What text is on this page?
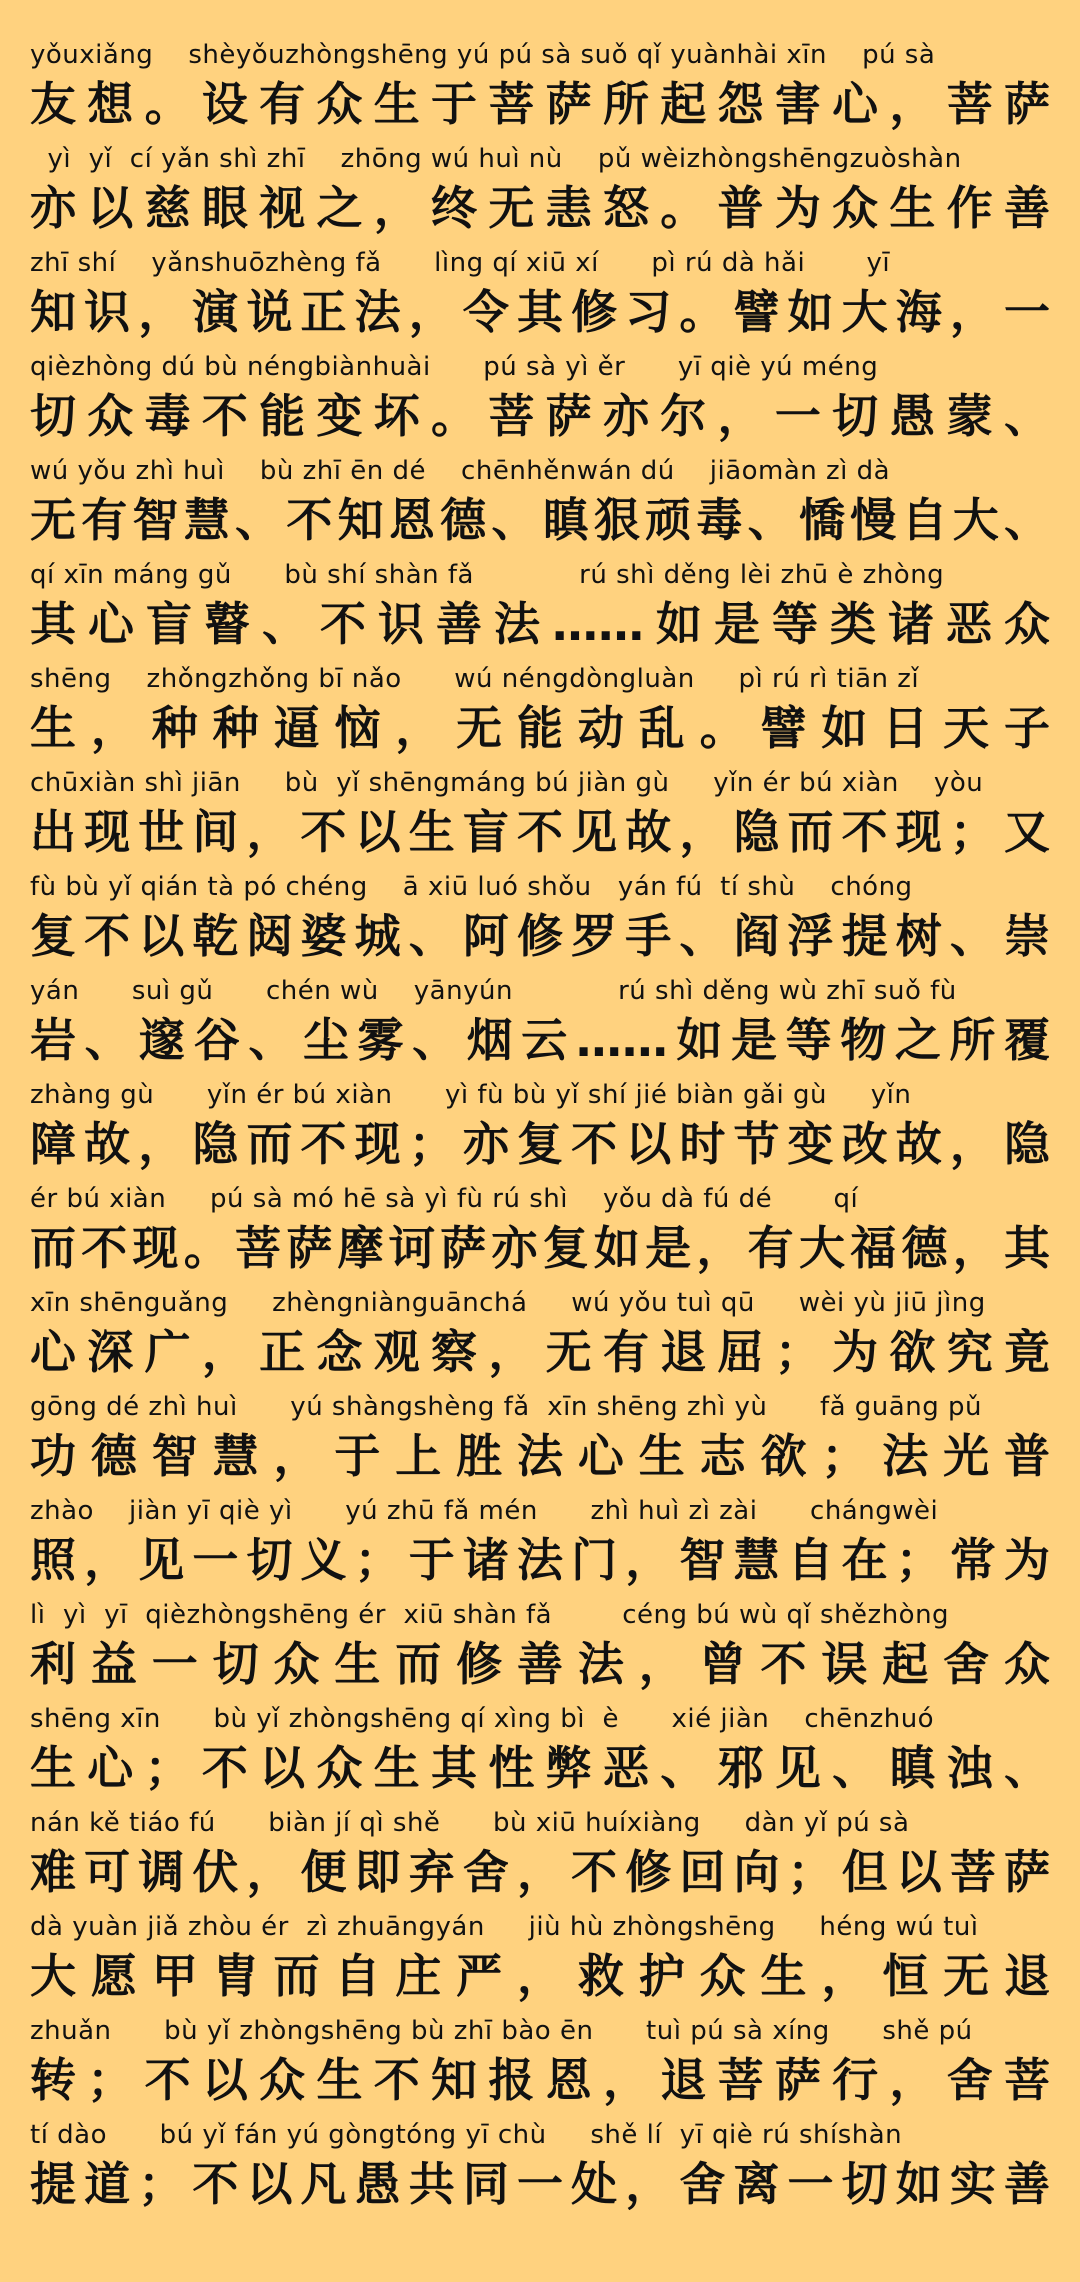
yǒuxiǎng    shèyǒuzhòngshēng yú pú sà suǒ qǐ yuànhài xīn    pú sà
友想。设有众生于菩萨所起怨害心，菩萨
yì  yǐ  cí yǎn shì zhī    zhōng wú huì nù    pǔ wèizhòngshēngzuòshàn
亦以慈眼视之，终无恚怒。普为众生作善
zhī shí    yǎnshuōzhèng fǎ      lìng qí xiū xí      pì rú dà hǎi       yī
知识，演说正法，令其修习。譬如大海，一
qièzhòng dú bù néngbiànhuài      pú sà yì ěr      yī qiè yú méng
切众毒不能变坏。菩萨亦尔，一切愚蒙、
wú yǒu zhì huì    bù zhī ēn dé    chēnhěnwán dú    jiāomàn zì dà
无有智慧、不知恩德、瞋狠顽毒、憍慢自大、
qí xīn máng gǔ      bù shí shàn fǎ            rú shì děng lèi zhū è zhòng
其心盲瞽、不识善法……如是等类诸恶众
shēng    zhǒngzhǒng bī nǎo      wú néngdòngluàn     pì rú rì tiān zǐ
生，种种逼恼，无能动乱。譬如日天子
chūxiàn shì jiān     bù  yǐ shēngmáng bú jiàn gù     yǐn ér bú xiàn    yòu
出现世间，不以生盲不见故，隐而不现；又
fù bù yǐ qián tà pó chéng    ā xiū luó shǒu   yán fú  tí shù    chóng
复不以乾闼婆城、阿修罗手、阎浮提树、崇
yán      suì gǔ      chén wù    yānyún            rú shì děng wù zhī suǒ fù
岩、邃谷、尘雾、烟云……如是等物之所覆
zhàng gù      yǐn ér bú xiàn      yì fù bù yǐ shí jié biàn gǎi gù     yǐn
障故，隐而不现；亦复不以时节变改故，隐
ér bú xiàn     pú sà mó hē sà yì fù rú shì    yǒu dà fú dé       qí
而不现。菩萨摩诃萨亦复如是，有大福德，其
xīn shēnguǎng     zhèngniànguānchá     wú yǒu tuì qū     wèi yù jiū jìng
心深广，正念观察，无有退屈；为欲究竟
gōng dé zhì huì      yú shàngshèng fǎ  xīn shēng zhì yù      fǎ guāng pǔ
功德智慧，于上胜法心生志欲；法光普
zhào    jiàn yī qiè yì      yú zhū fǎ mén      zhì huì zì zài      chángwèi
照，见一切义；于诸法门，智慧自在；常为
lì  yì  yī  qièzhòngshēng ér  xiū shàn fǎ        céng bú wù qǐ shězhòng
利益一切众生而修善法，曾不误起舍众
shēng xīn      bù yǐ zhòngshēng qí xìng bì  è      xié jiàn    chēnzhuó
生心；不以众生其性弊恶、邪见、瞋浊、
nán kě tiáo fú      biàn jí qì shě      bù xiū huíxiàng     dàn yǐ pú sà
难可调伏，便即弃舍，不修回向；但以菩萨
dà yuàn jiǎ zhòu ér  zì zhuāngyán     jiù hù zhòngshēng     héng wú tuì
大愿甲胄而自庄严，救护众生，恒无退
zhuǎn      bù yǐ zhòngshēng bù zhī bào ēn      tuì pú sà xíng      shě pú
转；不以众生不知报恩，退菩萨行，舍菩
tí dào      bú yǐ fán yú gòngtóng yī chù     shě lí  yī qiè rú shíshàn
提道；不以凡愚共同一处，舍离一切如实善
